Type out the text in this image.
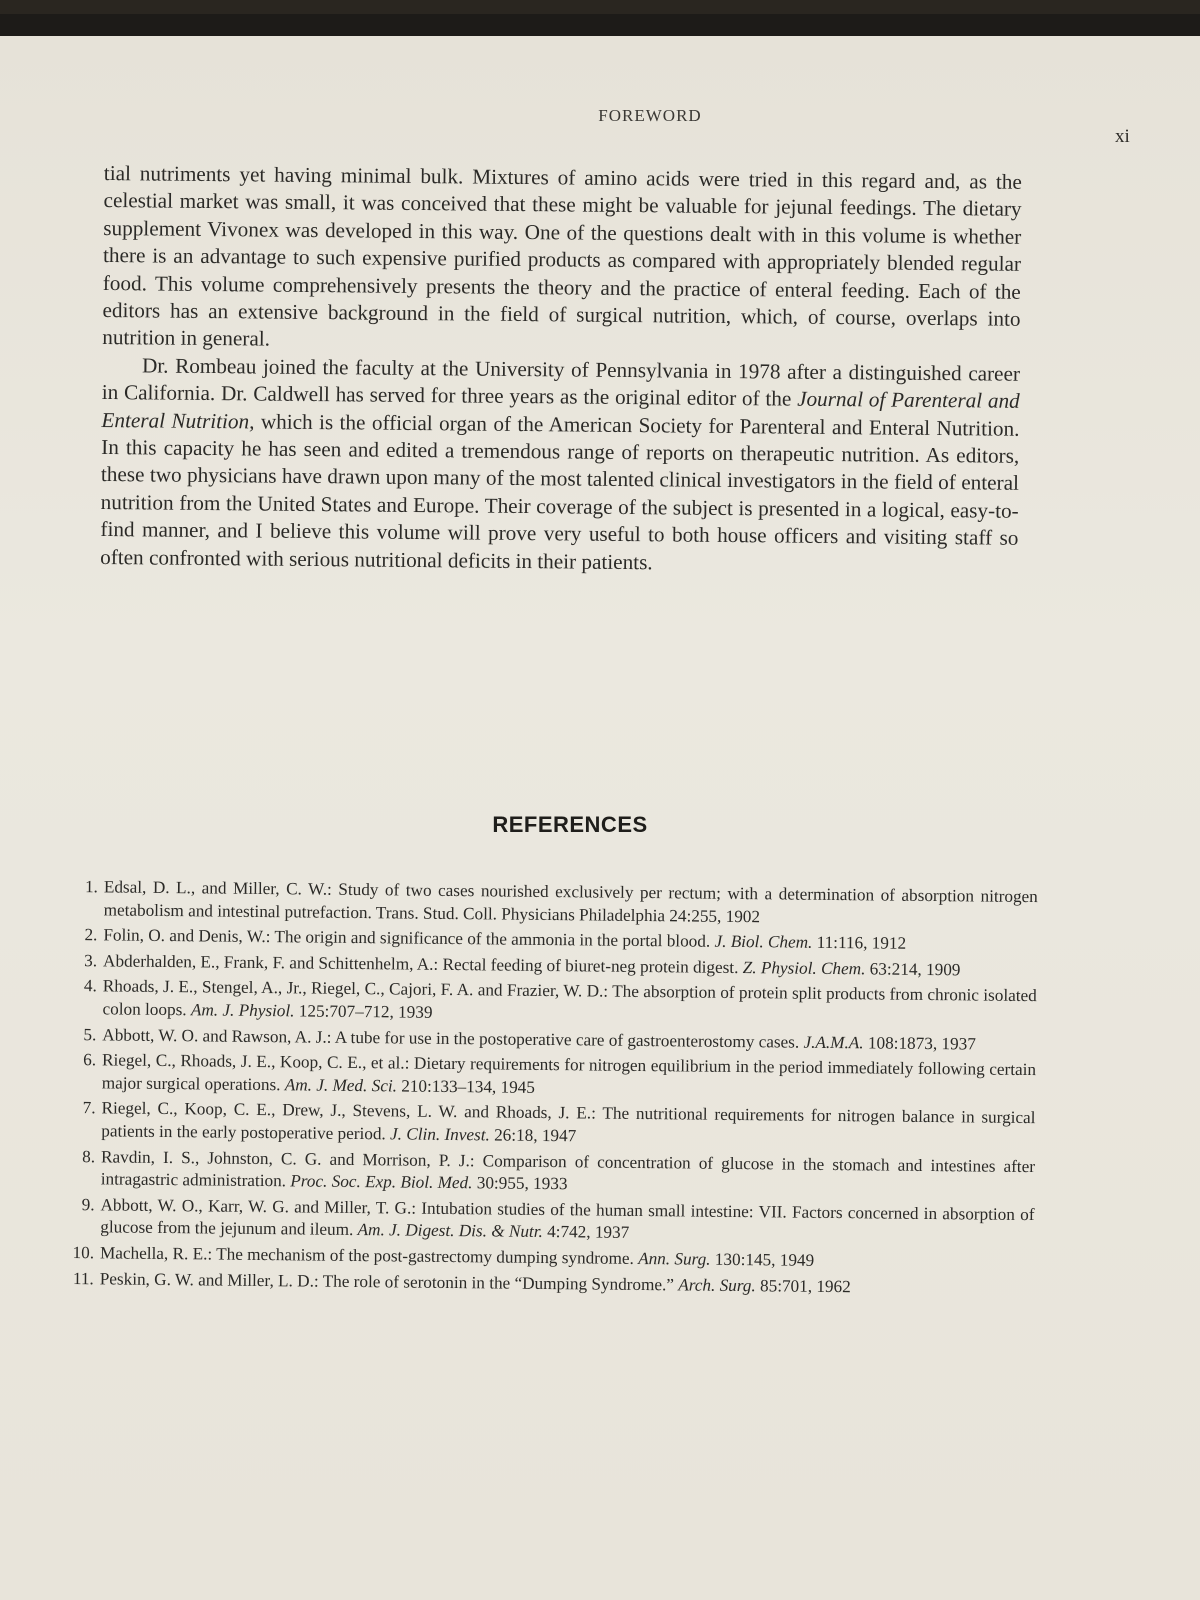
FOREWORD
xi

tial nutriments yet having minimal bulk. Mixtures of amino acids were tried in this regard and, as the celestial market was small, it was conceived that these might be valuable for jejunal feedings. The dietary supplement Vivonex was developed in this way. One of the questions dealt with in this volume is whether there is an advantage to such expensive purified products as compared with appropriately blended regular food. This volume comprehensively presents the theory and the practice of enteral feeding. Each of the editors has an extensive background in the field of surgical nutrition, which, of course, overlaps into nutrition in general.

Dr. Rombeau joined the faculty at the University of Pennsylvania in 1978 after a distinguished career in California. Dr. Caldwell has served for three years as the original editor of the Journal of Parenteral and Enteral Nutrition, which is the official organ of the American Society for Parenteral and Enteral Nutrition. In this capacity he has seen and edited a tremendous range of reports on therapeutic nutrition. As editors, these two physicians have drawn upon many of the most talented clinical investigators in the field of enteral nutrition from the United States and Europe. Their coverage of the subject is presented in a logical, easy-to-find manner, and I believe this volume will prove very useful to both house officers and visiting staff so often confronted with serious nutritional deficits in their patients.

REFERENCES
1. Edsal, D. L., and Miller, C. W.: Study of two cases nourished exclusively per rectum; with a determination of absorption nitrogen metabolism and intestinal putrefaction. Trans. Stud. Coll. Physicians Philadelphia 24:255, 1902
2. Folin, O. and Denis, W.: The origin and significance of the ammonia in the portal blood. J. Biol. Chem. 11:116, 1912
3. Abderhalden, E., Frank, F. and Schittenhelm, A.: Rectal feeding of biuret-neg protein digest. Z. Physiol. Chem. 63:214, 1909
4. Rhoads, J. E., Stengel, A., Jr., Riegel, C., Cajori, F. A. and Frazier, W. D.: The absorption of protein split products from chronic isolated colon loops. Am. J. Physiol. 125:707–712, 1939
5. Abbott, W. O. and Rawson, A. J.: A tube for use in the postoperative care of gastroenterostomy cases. J.A.M.A. 108:1873, 1937
6. Riegel, C., Rhoads, J. E., Koop, C. E., et al.: Dietary requirements for nitrogen equilibrium in the period immediately following certain major surgical operations. Am. J. Med. Sci. 210:133–134, 1945
7. Riegel, C., Koop, C. E., Drew, J., Stevens, L. W. and Rhoads, J. E.: The nutritional requirements for nitrogen balance in surgical patients in the early postoperative period. J. Clin. Invest. 26:18, 1947
8. Ravdin, I. S., Johnston, C. G. and Morrison, P. J.: Comparison of concentration of glucose in the stomach and intestines after intragastric administration. Proc. Soc. Exp. Biol. Med. 30:955, 1933
9. Abbott, W. O., Karr, W. G. and Miller, T. G.: Intubation studies of the human small intestine: VII. Factors concerned in absorption of glucose from the jejunum and ileum. Am. J. Digest. Dis. & Nutr. 4:742, 1937
10. Machella, R. E.: The mechanism of the post-gastrectomy dumping syndrome. Ann. Surg. 130:145, 1949
11. Peskin, G. W. and Miller, L. D.: The role of serotonin in the “Dumping Syndrome.” Arch. Surg. 85:701, 1962
